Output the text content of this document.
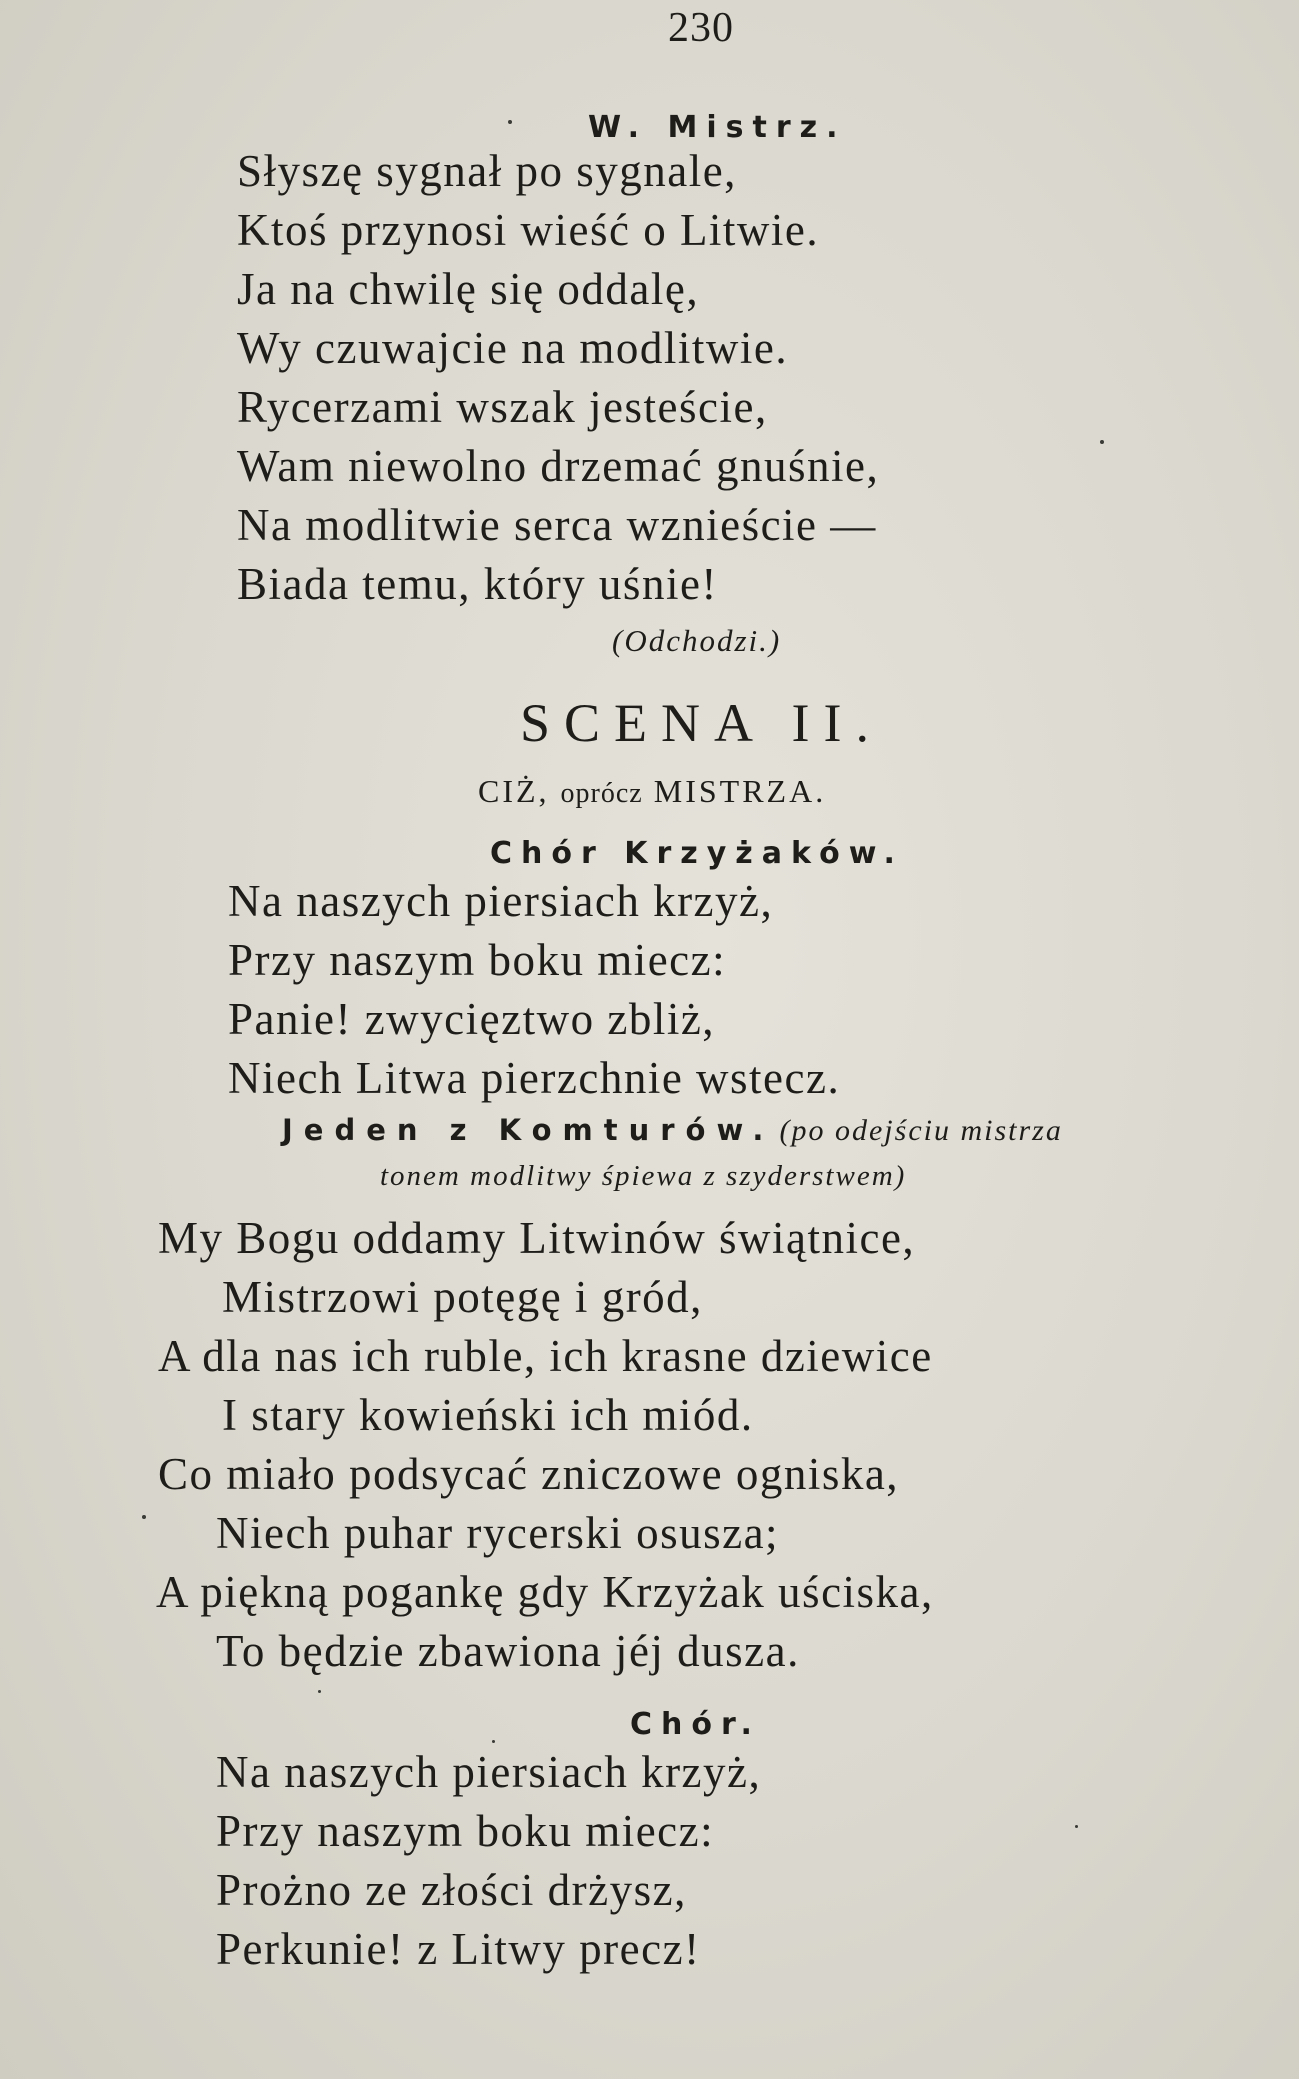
230
W. Mistrz.
Słyszę sygnał po sygnale,
Ktoś przynosi wieść o Litwie.
Ja na chwilę się oddalę,
Wy czuwajcie na modlitwie.
Rycerzami wszak jesteście,
Wam niewolno drzemać gnuśnie,
Na modlitwie serca wznieście —
Biada temu, który uśnie!
(Odchodzi.)
SCENA II.
CIŻ, oprócz MISTRZA.
Chór Krzyżaków.
Na naszych piersiach krzyż,
Przy naszym boku miecz:
Panie! zwycięztwo zbliż,
Niech Litwa pierzchnie wstecz.
Jeden z Komturów. (po odejściu mistrza
tonem modlitwy śpiewa z szyderstwem)
My Bogu oddamy Litwinów świątnice,
Mistrzowi potęgę i gród,
A dla nas ich ruble, ich krasne dziewice
I stary kowieński ich miód.
Co miało podsycać zniczowe ogniska,
Niech puhar rycerski osusza;
A piękną pogankę gdy Krzyżak uściska,
To będzie zbawiona jéj dusza.
Chór.
Na naszych piersiach krzyż,
Przy naszym boku miecz:
Prożno ze złości drżysz,
Perkunie! z Litwy precz!
